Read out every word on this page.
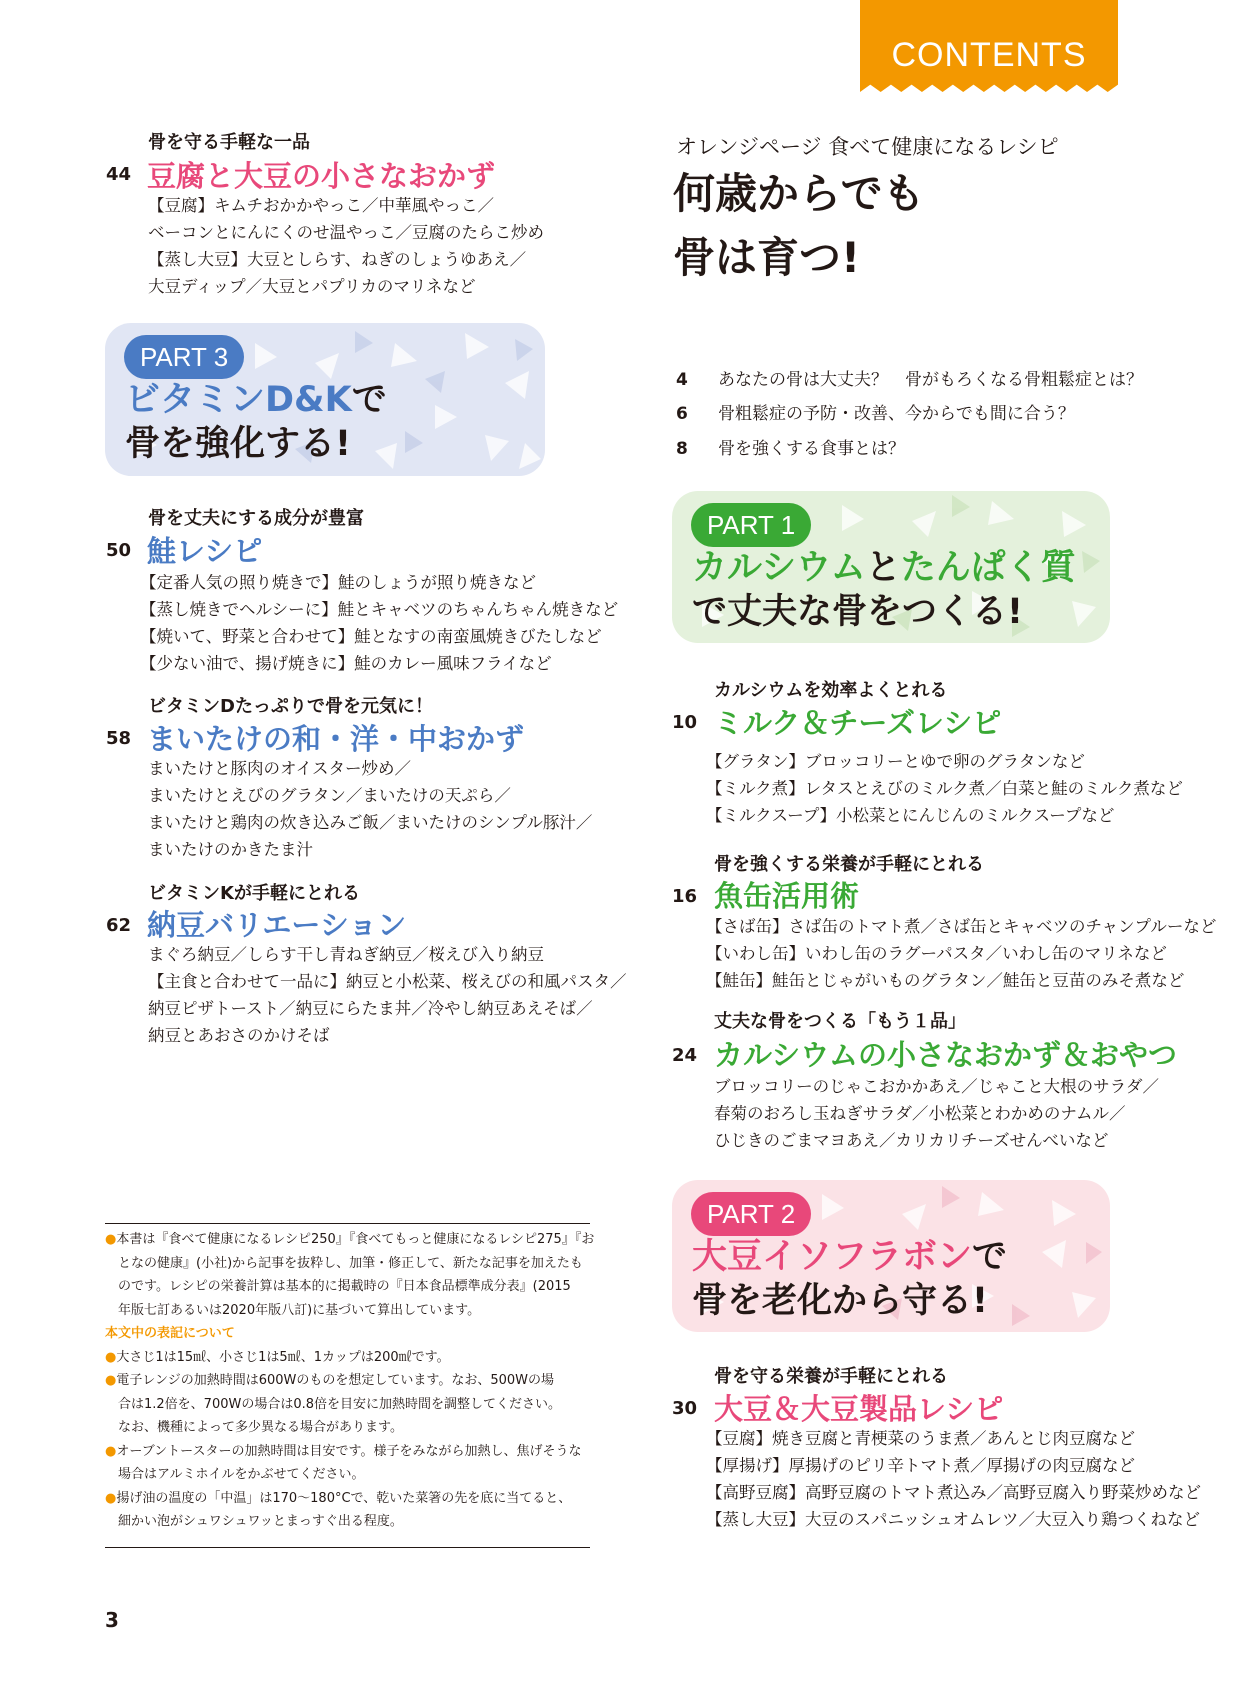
CONTENTS
骨を守る手軽な一品
44 豆腐と大豆の小さなおかず
【豆腐】キムチおかかやっこ／中華風やっこ／
ベーコンとにんにくのせ温やっこ／豆腐のたらこ炒め
【蒸し大豆】大豆としらす、ねぎのしょうゆあえ／
大豆ディップ／大豆とパプリカのマリネなど
PART 3
ビタミンD&Kで
骨を強化する!
骨を丈夫にする成分が豊富
50 鮭レシピ
【定番人気の照り焼きで】鮭のしょうが照り焼きなど
【蒸し焼きでヘルシーに】鮭とキャベツのちゃんちゃん焼きなど
【焼いて、野菜と合わせて】鮭となすの南蛮風焼きびたしなど
【少ない油で、揚げ焼きに】鮭のカレー風味フライなど
ビタミンDたっぷりで骨を元気に！
58 まいたけの和・洋・中おかず
まいたけと豚肉のオイスター炒め／
まいたけとえびのグラタン／まいたけの天ぷら／
まいたけと鶏肉の炊き込みご飯／まいたけのシンプル豚汁／
まいたけのかきたま汁
ビタミンKが手軽にとれる
62 納豆バリエーション
まぐろ納豆／しらす干し青ねぎ納豆／桜えび入り納豆
【主食と合わせて一品に】納豆と小松菜、桜えびの和風パスタ／
納豆ピザトースト／納豆にらたま丼／冷やし納豆あえそば／
納豆とあおさのかけそば
●本書は『食べて健康になるレシピ250』『食べてもっと健康になるレシピ275』『お
となの健康』(小社)から記事を抜粋し、加筆・修正して、新たな記事を加えたも
のです。レシピの栄養計算は基本的に掲載時の『日本食品標準成分表』(2015
年版七訂あるいは2020年版八訂)に基づいて算出しています。
本文中の表記について
●大さじ1は15㎖、小さじ1は5㎖、1カップは200㎖です。
●電子レンジの加熱時間は600Wのものを想定しています。なお、500Wの場
合は1.2倍を、700Wの場合は0.8倍を目安に加熱時間を調整してください。
なお、機種によって多少異なる場合があります。
●オーブントースターの加熱時間は目安です。様子をみながら加熱し、焦げそうな
場合はアルミホイルをかぶせてください。
●揚げ油の温度の「中温」は170～180°Cで、乾いた菜箸の先を底に当てると、
細かい泡がシュワシュワッとまっすぐ出る程度。
3
オレンジページ 食べて健康になるレシピ
何歳からでも
骨は育つ!
4 あなたの骨は大丈夫？　骨がもろくなる骨粗鬆症とは？
6 骨粗鬆症の予防・改善、今からでも間に合う？
8 骨を強くする食事とは？
PART 1
カルシウムとたんぱく質
で丈夫な骨をつくる!
カルシウムを効率よくとれる
10 ミルク＆チーズレシピ
【グラタン】ブロッコリーとゆで卵のグラタンなど
【ミルク煮】レタスとえびのミルク煮／白菜と鮭のミルク煮など
【ミルクスープ】小松菜とにんじんのミルクスープなど
骨を強くする栄養が手軽にとれる
16 魚缶活用術
【さば缶】さば缶のトマト煮／さば缶とキャベツのチャンプルーなど
【いわし缶】いわし缶のラグーパスタ／いわし缶のマリネなど
【鮭缶】鮭缶とじゃがいものグラタン／鮭缶と豆苗のみそ煮など
丈夫な骨をつくる「もう１品」
24 カルシウムの小さなおかず＆おやつ
ブロッコリーのじゃこおかかあえ／じゃこと大根のサラダ／
春菊のおろし玉ねぎサラダ／小松菜とわかめのナムル／
ひじきのごまマヨあえ／カリカリチーズせんべいなど
PART 2
大豆イソフラボンで
骨を老化から守る!
骨を守る栄養が手軽にとれる
30 大豆＆大豆製品レシピ
【豆腐】焼き豆腐と青梗菜のうま煮／あんとじ肉豆腐など
【厚揚げ】厚揚げのピリ辛トマト煮／厚揚げの肉豆腐など
【高野豆腐】高野豆腐のトマト煮込み／高野豆腐入り野菜炒めなど
【蒸し大豆】大豆のスパニッシュオムレツ／大豆入り鶏つくねなど
